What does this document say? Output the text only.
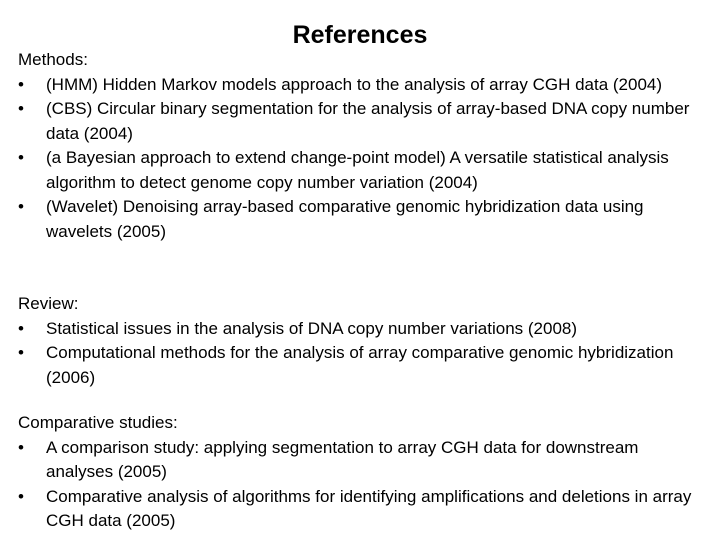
References
Methods:
•	(HMM) Hidden Markov models approach to the analysis of array CGH data (2004)
•	(CBS) Circular binary segmentation for the analysis of array-based DNA copy number data (2004)
•	(a Bayesian approach to extend change-point model) A versatile statistical analysis algorithm to detect genome copy number variation (2004)
•	(Wavelet) Denoising array-based comparative genomic hybridization data using wavelets (2005)
Review:
•	Statistical issues in the analysis of DNA copy number variations (2008)
•	Computational methods for the analysis of array comparative genomic hybridization (2006)
Comparative studies:
•	A comparison study: applying segmentation to array CGH data for downstream analyses (2005)
•	Comparative analysis of algorithms for identifying amplifications and deletions in array CGH data (2005)
